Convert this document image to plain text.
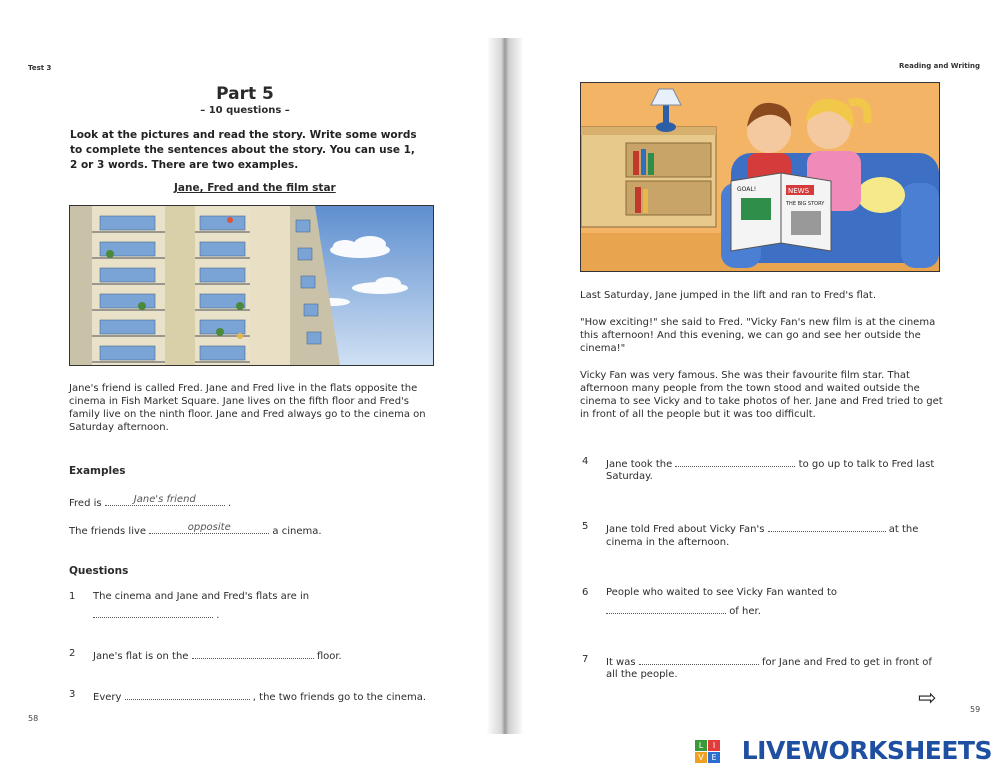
Test 3
Part 5
– 10 questions –
Look at the pictures and read the story. Write some words to complete the sentences about the story. You can use 1, 2 or 3 words. There are two examples.
Jane, Fred and the film star
Jane's friend is called Fred. Jane and Fred live in the flats opposite the cinema in Fish Market Square. Jane lives on the fifth floor and Fred's family live on the ninth floor. Jane and Fred always go to the cinema on Saturday afternoon.
Examples
Fred is	Jane's friend	.
The friends live	opposite	a cinema.
Questions
1 The cinema and Jane and Fred's flats are in
.
2 Jane's flat is on the	floor.
3 Every	, the two friends go to the cinema.
58
Reading and Writing
NEWS
GOAL!
THE BIG STORY
Last Saturday, Jane jumped in the lift and ran to Fred's flat.
"How exciting!" she said to Fred. "Vicky Fan's new film is at the cinema this afternoon! And this evening, we can go and see her outside the cinema!"
Vicky Fan was very famous. She was their favourite film star. That afternoon many people from the town stood and waited outside the cinema to see Vicky and to take photos of her. Jane and Fred tried to get in front of all the people but it was too difficult.
4 Jane took the	to go up to talk to Fred last
Saturday.
5 Jane told Fred about Vicky Fan's	at the
cinema in the afternoon.
6 People who waited to see Vicky Fan wanted to
of her.
7 It was	for Jane and Fred to get in front of
all the people.
⇨	59
L	I
V E LIVEWORKSHEETS
